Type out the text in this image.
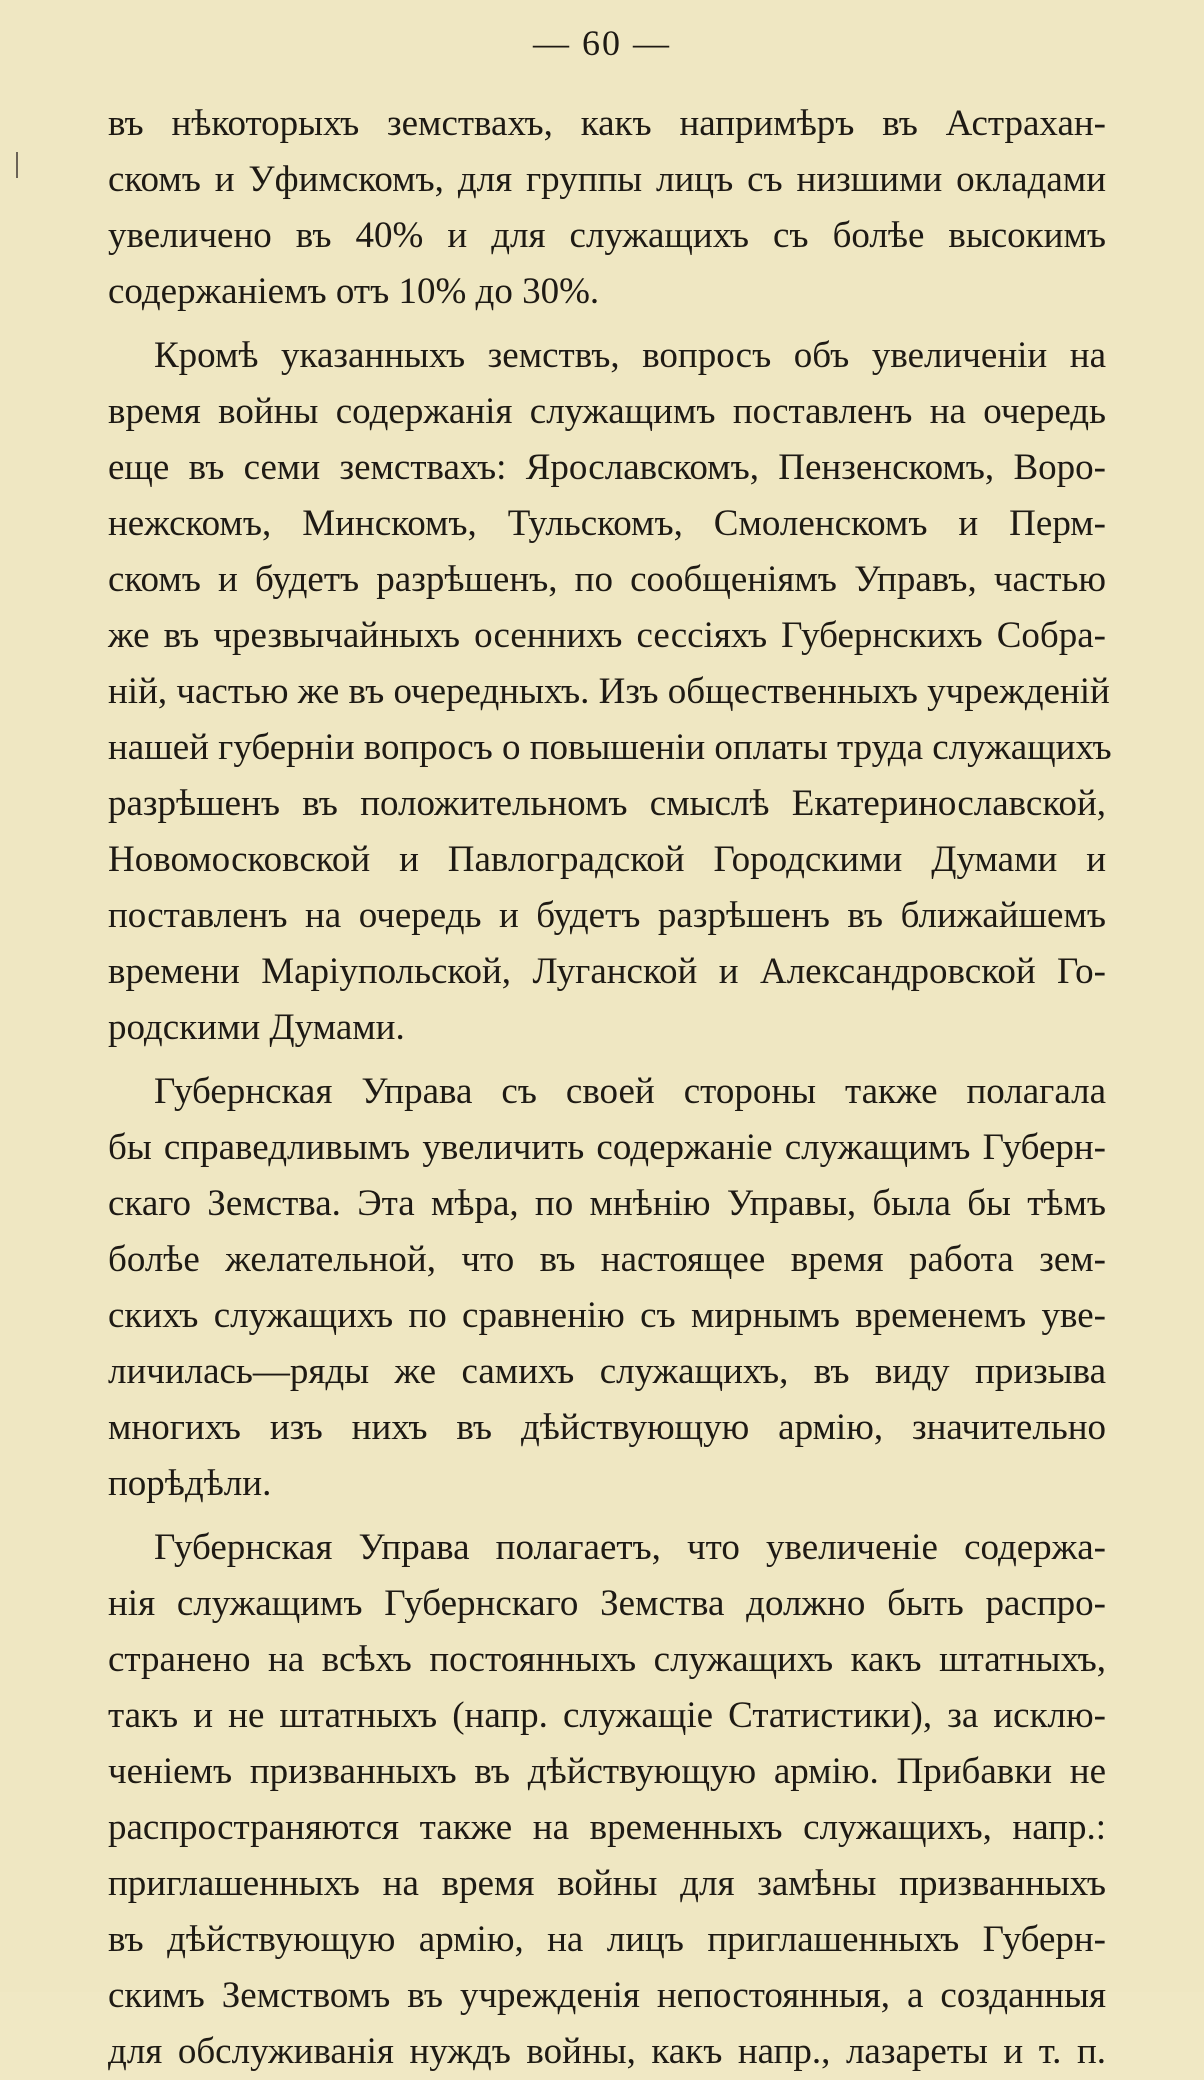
— 60 —
въ нѣкоторыхъ земствахъ, какъ напримѣръ въ Астрахан-
скомъ и Уфимскомъ, для группы лицъ съ низшими окладами
увеличено въ 40% и для служащихъ съ болѣе высокимъ
содержаніемъ отъ 10% до 30%.
Кромѣ указанныхъ земствъ, вопросъ объ увеличеніи на
время войны содержанія служащимъ поставленъ на очередь
еще въ семи земствахъ: Ярославскомъ, Пензенскомъ, Воро-
нежскомъ, Минскомъ, Тульскомъ, Смоленскомъ и Перм-
скомъ и будетъ разрѣшенъ, по сообщеніямъ Управъ, частью
же въ чрезвычайныхъ осеннихъ сессіяхъ Губернскихъ Собра-
ній, частью же въ очередныхъ. Изъ общественныхъ учрежденій
нашей губерніи вопросъ о повышеніи оплаты труда служащихъ
разрѣшенъ въ положительномъ смыслѣ Екатеринославской,
Новомосковской и Павлоградской Городскими Думами и
поставленъ на очередь и будетъ разрѣшенъ въ ближайшемъ
времени Маріупольской, Луганской и Александровской Го-
родскими Думами.
Губернская Управа съ своей стороны также полагала
бы справедливымъ увеличить содержаніе служащимъ Губерн-
скаго Земства. Эта мѣра, по мнѣнію Управы, была бы тѣмъ
болѣе желательной, что въ настоящее время работа зем-
скихъ служащихъ по сравненію съ мирнымъ временемъ уве-
личилась—ряды же самихъ служащихъ, въ виду призыва
многихъ изъ нихъ въ дѣйствующую армію, значительно
порѣдѣли.
Губернская Управа полагаетъ, что увеличеніе содержа-
нія служащимъ Губернскаго Земства должно быть распро-
странено на всѣхъ постоянныхъ служащихъ какъ штатныхъ,
такъ и не штатныхъ (напр. служащіе Статистики), за исклю-
ченіемъ призванныхъ въ дѣйствующую армію. Прибавки не
распространяются также на временныхъ служащихъ, напр.:
приглашенныхъ на время войны для замѣны призванныхъ
въ дѣйствующую армію, на лицъ приглашенныхъ Губерн-
скимъ Земствомъ въ учрежденія непостоянныя, а созданныя
для обслуживанія нуждъ войны, какъ напр., лазареты и т. п.
